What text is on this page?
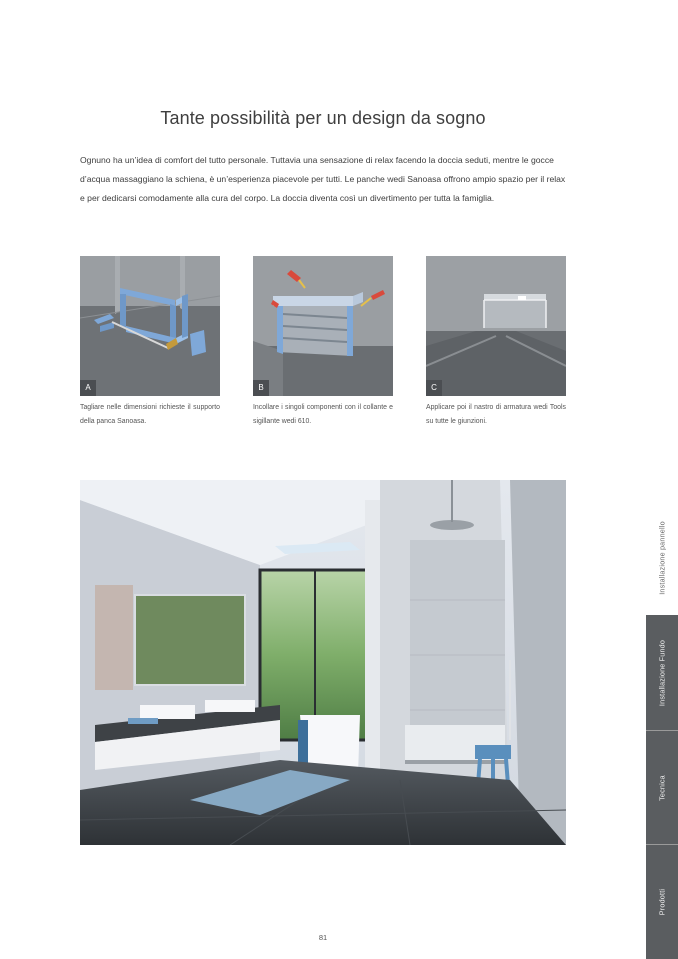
Tante possibilità per un design da sogno

Ognuno ha un’idea di comfort del tutto personale. Tuttavia una sensazione di relax facendo la doccia seduti, mentre le gocce d’acqua massaggiano la schiena, è un’esperienza piacevole per tutti. Le panche wedi Sanoasa offrono ampio spazio per il relax e per dedicarsi comodamente alla cura del corpo. La doccia diventa così un divertimento per tutta la famiglia.

A
Tagliare nelle dimensioni richieste il supporto della panca Sanoasa.
B
Incollare i singoli componenti con il collante e sigillante wedi 610.
C
Applicare poi il nastro di armatura wedi Tools su tutte le giunzioni.
Installazione pannello
Installazione Fundo
Tecnica
Prodotti
81
